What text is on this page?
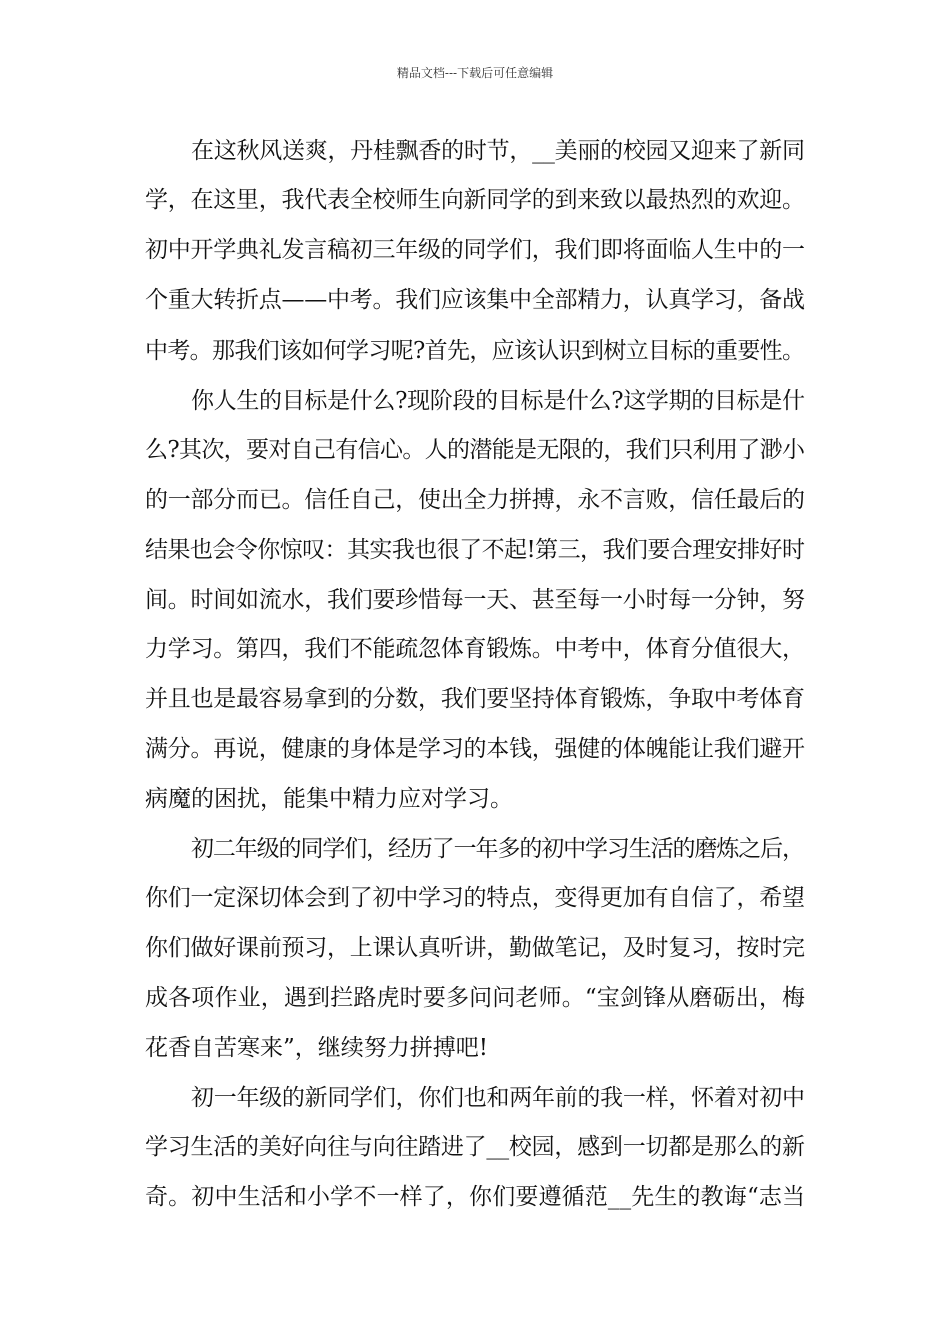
精品文档---下载后可任意编辑
在这秋风送爽，丹桂飘香的时节，__美丽的校园又迎来了新同
学，在这里，我代表全校师生向新同学的到来致以最热烈的欢迎。
初中开学典礼发言稿初三年级的同学们，我们即将面临人生中的一
个重大转折点——中考。我们应该集中全部精力，认真学习，备战
中考。那我们该如何学习呢?首先，应该认识到树立目标的重要性。
你人生的目标是什么?现阶段的目标是什么?这学期的目标是什
么?其次，要对自己有信心。人的潜能是无限的，我们只利用了渺小
的一部分而已。信任自己，使出全力拼搏，永不言败，信任最后的
结果也会令你惊叹：其实我也很了不起!第三，我们要合理安排好时
间。时间如流水，我们要珍惜每一天、甚至每一小时每一分钟，努
力学习。第四，我们不能疏忽体育锻炼。中考中，体育分值很大，
并且也是最容易拿到的分数，我们要坚持体育锻炼，争取中考体育
满分。再说，健康的身体是学习的本钱，强健的体魄能让我们避开
病魔的困扰，能集中精力应对学习。
初二年级的同学们，经历了一年多的初中学习生活的磨炼之后，
你们一定深切体会到了初中学习的特点，变得更加有自信了，希望
你们做好课前预习，上课认真听讲，勤做笔记，及时复习，按时完
成各项作业，遇到拦路虎时要多问问老师。“宝剑锋从磨砺出，梅
花香自苦寒来”，继续努力拼搏吧!
初一年级的新同学们，你们也和两年前的我一样，怀着对初中
学习生活的美好向往与向往踏进了__校园，感到一切都是那么的新
奇。初中生活和小学不一样了，你们要遵循范__先生的教诲“志当
